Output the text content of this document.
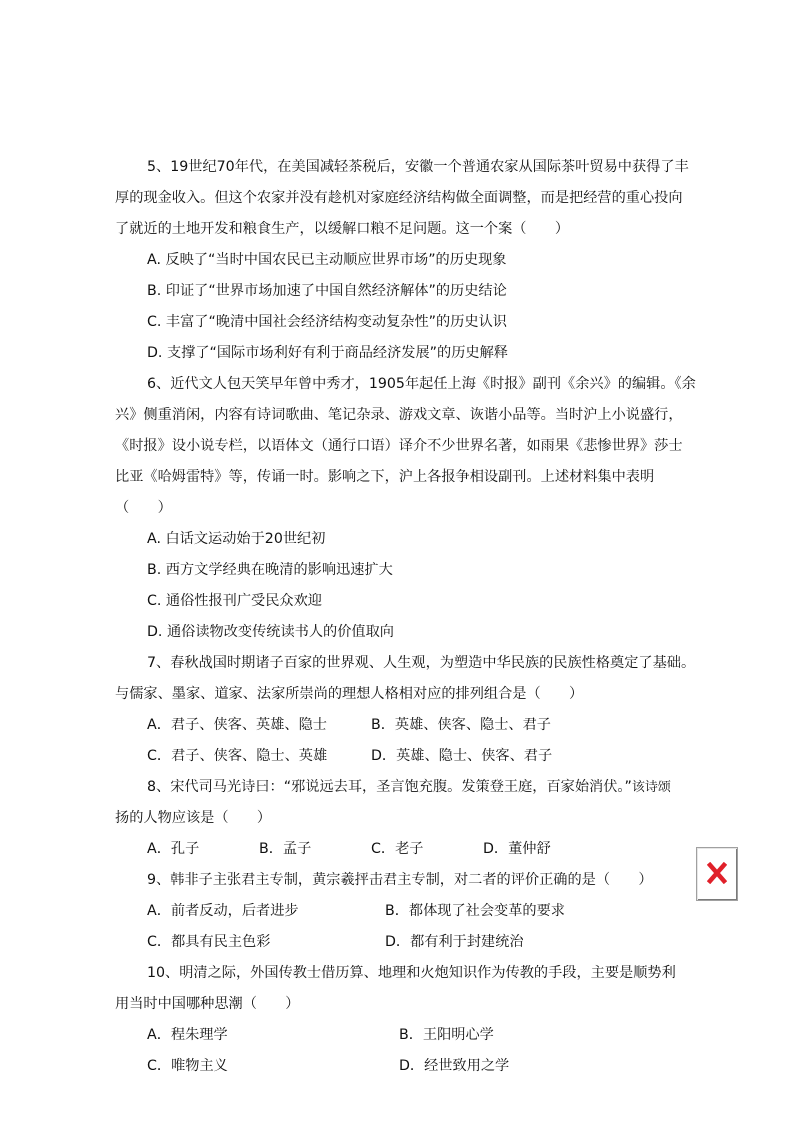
5、19世纪70年代，在美国减轻茶税后，安徽一个普通农家从国际茶叶贸易中获得了丰
厚的现金收入。但这个农家并没有趁机对家庭经济结构做全面调整，而是把经营的重心投向
了就近的土地开发和粮食生产，以缓解口粮不足问题。这一个案（　　）
A. 反映了“当时中国农民已主动顺应世界市场”的历史现象
B. 印证了“世界市场加速了中国自然经济解体”的历史结论
C. 丰富了“晚清中国社会经济结构变动复杂性”的历史认识
D. 支撑了“国际市场利好有利于商品经济发展”的历史解释
6、近代文人包天笑早年曾中秀才，1905年起任上海《时报》副刊《余兴》的编辑。《余
兴》侧重消闲，内容有诗词歌曲、笔记杂录、游戏文章、诙谐小品等。当时沪上小说盛行，
《时报》设小说专栏，以语体文（通行口语）译介不少世界名著，如雨果《悲惨世界》莎士
比亚《哈姆雷特》等，传诵一时。影响之下，沪上各报争相设副刊。上述材料集中表明
（　　）
A. 白话文运动始于20世纪初
B. 西方文学经典在晚清的影响迅速扩大
C. 通俗性报刊广受民众欢迎
D. 通俗读物改变传统读书人的价值取向
7、春秋战国时期诸子百家的世界观、人生观，为塑造中华民族的民族性格奠定了基础。
与儒家、墨家、道家、法家所崇尚的理想人格相对应的排列组合是（　　）
A．君子、侠客、英雄、隐士	B．英雄、侠客、隐士、君子
C．君子、侠客、隐士、英雄	D．英雄、隐士、侠客、君子
8、宋代司马光诗曰：“邪说远去耳，圣言饱充腹。发策登王庭，百家始消伏。”该诗颂
扬的人物应该是（　　）
A．孔子	B．孟子	C．老子	D．董仲舒
9、韩非子主张君主专制，黄宗羲抨击君主专制，对二者的评价正确的是（　　）
A．前者反动，后者进步	B．都体现了社会变革的要求
C．都具有民主色彩	D．都有利于封建统治
10、明清之际，外国传教士借历算、地理和火炮知识作为传教的手段，主要是顺势利
用当时中国哪种思潮（　　）
A．程朱理学	B．王阳明心学
C．唯物主义	D．经世致用之学
